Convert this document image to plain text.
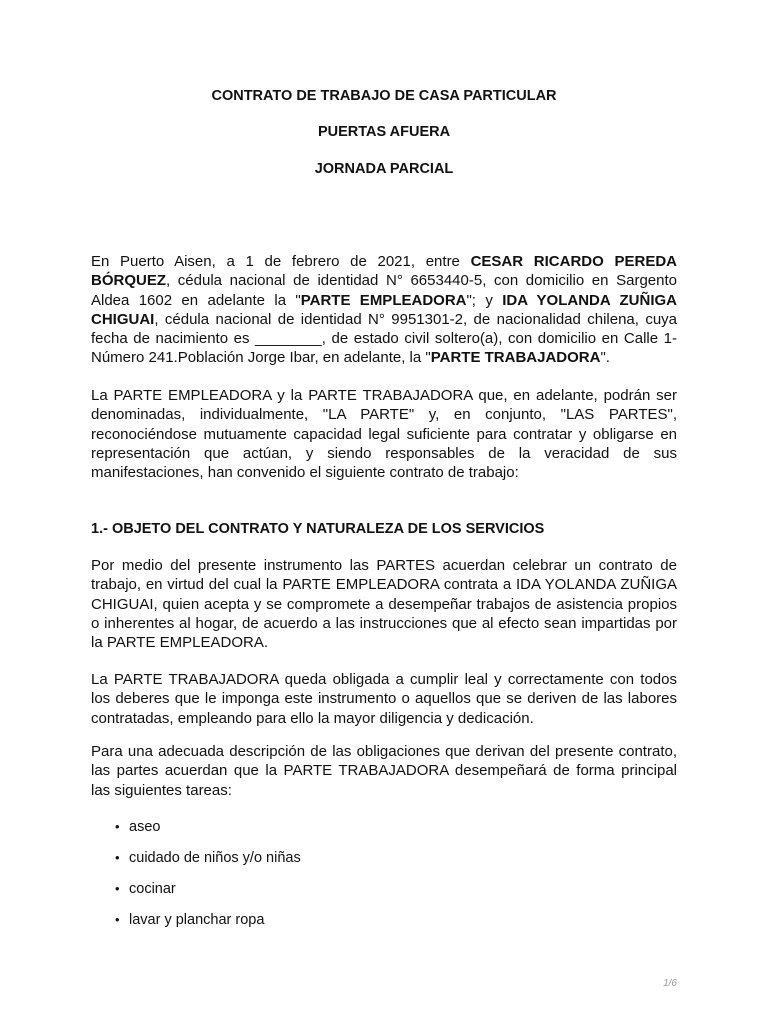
CONTRATO DE TRABAJO DE CASA PARTICULAR
PUERTAS AFUERA
JORNADA PARCIAL
En Puerto Aisen, a 1 de febrero de 2021, entre CESAR RICARDO PEREDA BÓRQUEZ, cédula nacional de identidad N° 6653440-5, con domicilio en Sargento Aldea 1602 en adelante la "PARTE EMPLEADORA"; y IDA YOLANDA ZUÑIGA CHIGUAI, cédula nacional de identidad N° 9951301-2, de nacionalidad chilena, cuya fecha de nacimiento es ________, de estado civil soltero(a), con domicilio en Calle 1-Número 241.Población Jorge Ibar, en adelante, la "PARTE TRABAJADORA".
La PARTE EMPLEADORA y la PARTE TRABAJADORA que, en adelante, podrán ser denominadas, individualmente, "LA PARTE" y, en conjunto, "LAS PARTES", reconociéndose mutuamente capacidad legal suficiente para contratar y obligarse en representación que actúan, y siendo responsables de la veracidad de sus manifestaciones, han convenido el siguiente contrato de trabajo:
1.- OBJETO DEL CONTRATO Y NATURALEZA DE LOS SERVICIOS
Por medio del presente instrumento las PARTES acuerdan celebrar un contrato de trabajo, en virtud del cual la PARTE EMPLEADORA contrata a IDA YOLANDA ZUÑIGA CHIGUAI, quien acepta y se compromete a desempeñar trabajos de asistencia propios o inherentes al hogar, de acuerdo a las instrucciones que al efecto sean impartidas por la PARTE EMPLEADORA.
La PARTE TRABAJADORA queda obligada a cumplir leal y correctamente con todos los deberes que le imponga este instrumento o aquellos que se deriven de las labores contratadas, empleando para ello la mayor diligencia y dedicación.
Para una adecuada descripción de las obligaciones que derivan del presente contrato, las partes acuerdan que la PARTE TRABAJADORA desempeñará de forma principal las siguientes tareas:
• aseo
• cuidado de niños y/o niñas
• cocinar
• lavar y planchar ropa
1/6
